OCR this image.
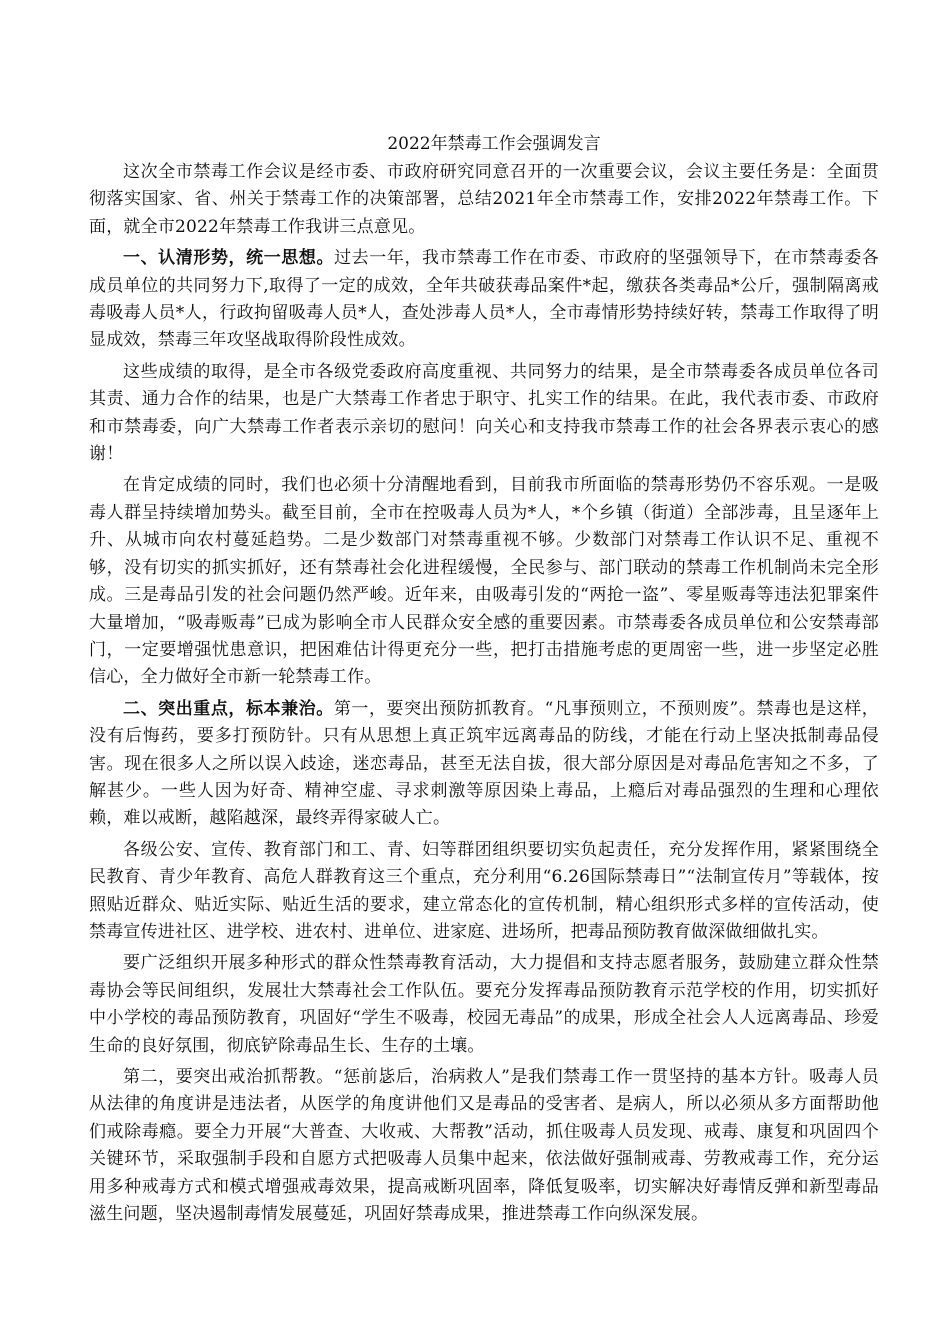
2022年禁毒工作会强调发言

这次全市禁毒工作会议是经市委、市政府研究同意召开的一次重要会议，会议主要任务是：全面贯彻落实国家、省、州关于禁毒工作的决策部署，总结2021年全市禁毒工作，安排2022年禁毒工作。下面，就全市2022年禁毒工作我讲三点意见。

一、认清形势，统一思想。过去一年，我市禁毒工作在市委、市政府的坚强领导下，在市禁毒委各成员单位的共同努力下,取得了一定的成效，全年共破获毒品案件*起，缴获各类毒品*公斤，强制隔离戒毒吸毒人员*人，行政拘留吸毒人员*人，查处涉毒人员*人，全市毒情形势持续好转，禁毒工作取得了明显成效，禁毒三年攻坚战取得阶段性成效。

这些成绩的取得，是全市各级党委政府高度重视、共同努力的结果，是全市禁毒委各成员单位各司其责、通力合作的结果，也是广大禁毒工作者忠于职守、扎实工作的结果。在此，我代表市委、市政府和市禁毒委，向广大禁毒工作者表示亲切的慰问！向关心和支持我市禁毒工作的社会各界表示衷心的感谢！

在肯定成绩的同时，我们也必须十分清醒地看到，目前我市所面临的禁毒形势仍不容乐观。一是吸毒人群呈持续增加势头。截至目前，全市在控吸毒人员为*人，*个乡镇（街道）全部涉毒，且呈逐年上升、从城市向农村蔓延趋势。二是少数部门对禁毒重视不够。少数部门对禁毒工作认识不足、重视不够，没有切实的抓实抓好，还有禁毒社会化进程缓慢，全民参与、部门联动的禁毒工作机制尚未完全形成。三是毒品引发的社会问题仍然严峻。近年来，由吸毒引发的“两抢一盗”、零星贩毒等违法犯罪案件大量增加，“吸毒贩毒”已成为影响全市人民群众安全感的重要因素。市禁毒委各成员单位和公安禁毒部门，一定要增强忧患意识，把困难估计得更充分一些，把打击措施考虑的更周密一些，进一步坚定必胜信心，全力做好全市新一轮禁毒工作。

二、突出重点，标本兼治。第一，要突出预防抓教育。“凡事预则立，不预则废”。禁毒也是这样，没有后悔药，要多打预防针。只有从思想上真正筑牢远离毒品的防线，才能在行动上坚决抵制毒品侵害。现在很多人之所以误入歧途，迷恋毒品，甚至无法自拔，很大部分原因是对毒品危害知之不多，了解甚少。一些人因为好奇、精神空虚、寻求刺激等原因染上毒品，上瘾后对毒品强烈的生理和心理依赖，难以戒断，越陷越深，最终弄得家破人亡。

各级公安、宣传、教育部门和工、青、妇等群团组织要切实负起责任，充分发挥作用，紧紧围绕全民教育、青少年教育、高危人群教育这三个重点，充分利用“6.26国际禁毒日”“法制宣传月”等载体，按照贴近群众、贴近实际、贴近生活的要求，建立常态化的宣传机制，精心组织形式多样的宣传活动，使禁毒宣传进社区、进学校、进农村、进单位、进家庭、进场所，把毒品预防教育做深做细做扎实。

要广泛组织开展多种形式的群众性禁毒教育活动，大力提倡和支持志愿者服务，鼓励建立群众性禁毒协会等民间组织，发展壮大禁毒社会工作队伍。要充分发挥毒品预防教育示范学校的作用，切实抓好中小学校的毒品预防教育，巩固好“学生不吸毒，校园无毒品”的成果，形成全社会人人远离毒品、珍爱生命的良好氛围，彻底铲除毒品生长、生存的土壤。

第二，要突出戒治抓帮教。“惩前毖后，治病救人”是我们禁毒工作一贯坚持的基本方针。吸毒人员从法律的角度讲是违法者，从医学的角度讲他们又是毒品的受害者、是病人，所以必须从多方面帮助他们戒除毒瘾。要全力开展“大普查、大收戒、大帮教”活动，抓住吸毒人员发现、戒毒、康复和巩固四个关键环节，采取强制手段和自愿方式把吸毒人员集中起来，依法做好强制戒毒、劳教戒毒工作，充分运用多种戒毒方式和模式增强戒毒效果，提高戒断巩固率，降低复吸率，切实解决好毒情反弹和新型毒品滋生问题，坚决遏制毒情发展蔓延，巩固好禁毒成果，推进禁毒工作向纵深发展。
